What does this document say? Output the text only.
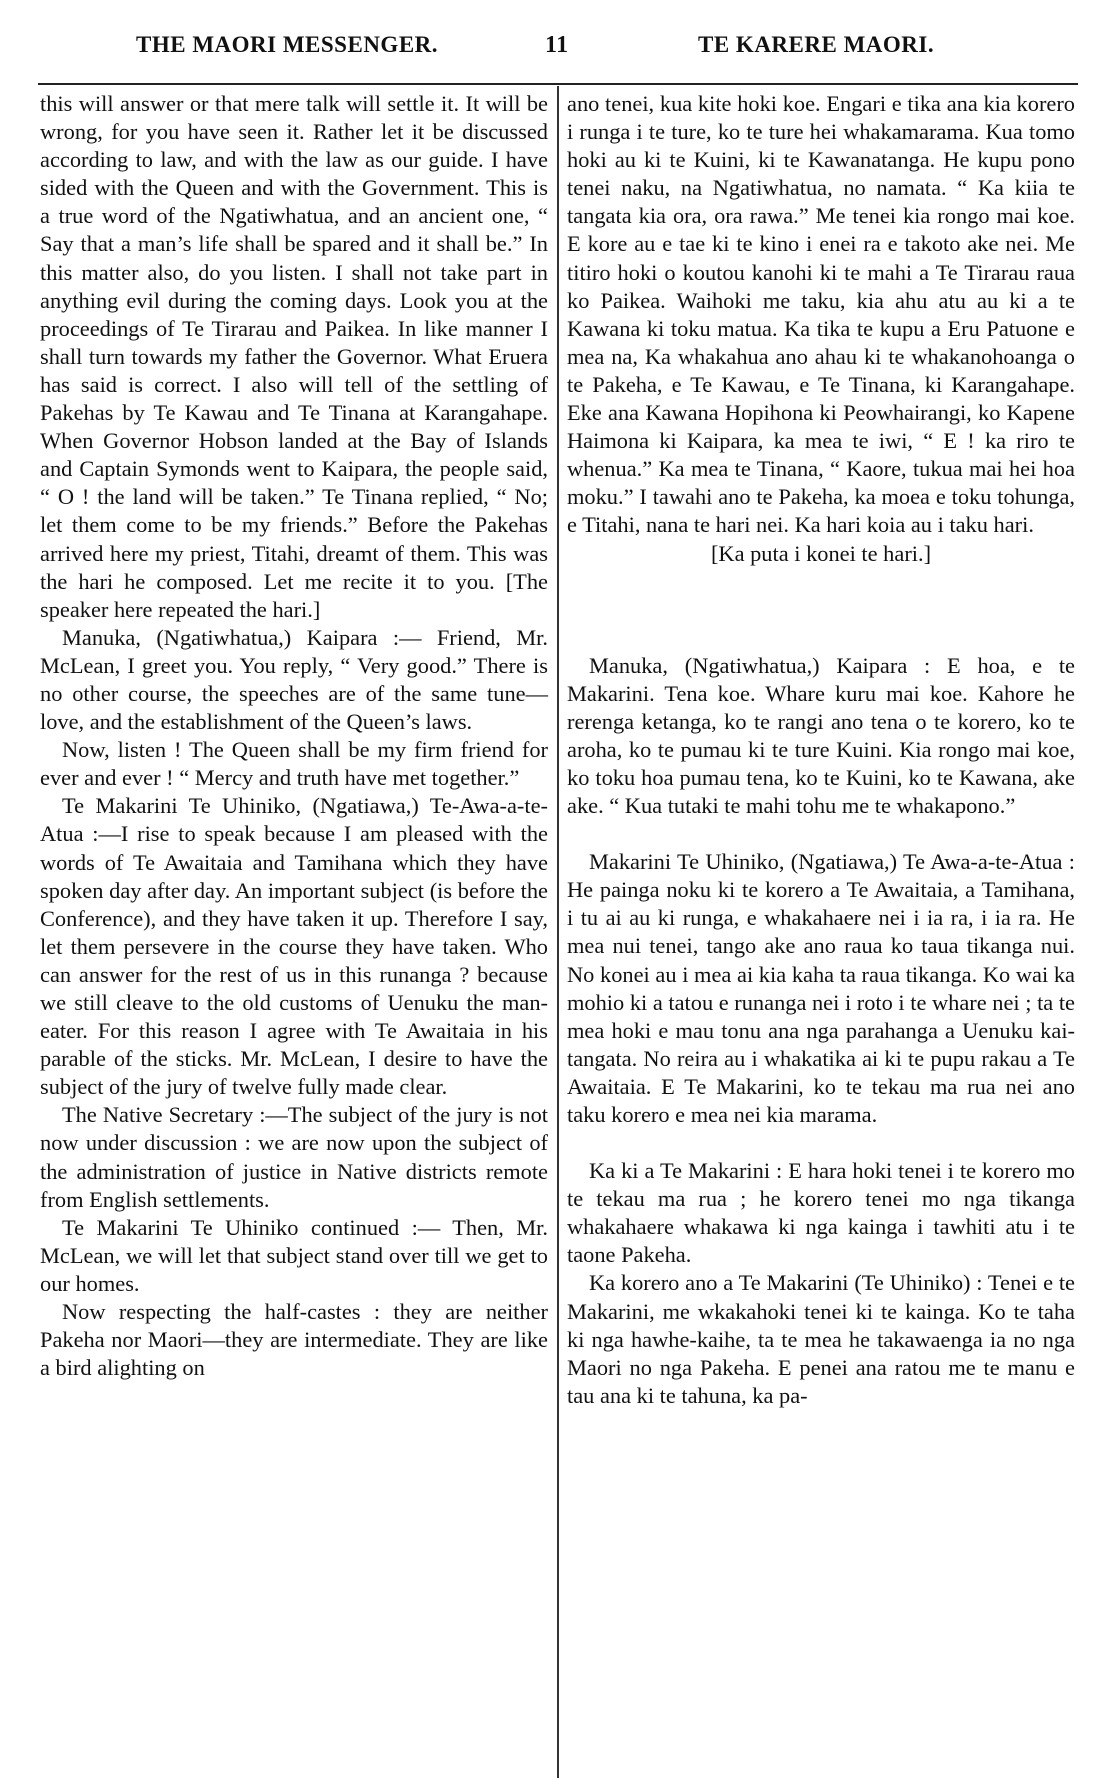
THE MAORI MESSENGER.	11	TE KARERE MAORI.

this will answer or that mere talk will settle it. It will be wrong, for you have seen it. Rather let it be discussed according to law, and with the law as our guide. I have sided with the Queen and with the Government. This is a true word of the Ngatiwhatua, and an ancient one, “ Say that a man’s life shall be spared and it shall be.” In this matter also, do you listen. I shall not take part in anything evil during the coming days. Look you at the proceedings of Te Tirarau and Paikea. In like manner I shall turn towards my father the Governor. What Eruera has said is correct. I also will tell of the settling of Pakehas by Te Kawau and Te Tinana at Karangahape. When Governor Hobson landed at the Bay of Islands and Captain Symonds went to Kaipara, the people said, “ O ! the land will be taken.” Te Tinana replied, “ No; let them come to be my friends.” Before the Pakehas arrived here my priest, Titahi, dreamt of them. This was the hari he composed. Let me recite it to you. [The speaker here repeated the hari.]

Manuka, (Ngatiwhatua,) Kaipara :— Friend, Mr. McLean, I greet you. You reply, “ Very good.” There is no other course, the speeches are of the same tune—love, and the establishment of the Queen’s laws.

Now, listen ! The Queen shall be my firm friend for ever and ever ! “ Mercy and truth have met together.”

Te Makarini Te Uhiniko, (Ngatiawa,) Te-Awa-a-te-Atua :—I rise to speak because I am pleased with the words of Te Awaitaia and Tamihana which they have spoken day after day. An important subject (is before the Conference), and they have taken it up. Therefore I say, let them persevere in the course they have taken. Who can answer for the rest of us in this runanga ? because we still cleave to the old customs of Uenuku the man-eater. For this reason I agree with Te Awaitaia in his parable of the sticks. Mr. McLean, I desire to have the subject of the jury of twelve fully made clear.

The Native Secretary :—The subject of the jury is not now under discussion : we are now upon the subject of the administration of justice in Native districts remote from English settlements.

Te Makarini Te Uhiniko continued :— Then, Mr. McLean, we will let that subject stand over till we get to our homes.

Now respecting the half-castes : they are neither Pakeha nor Maori—they are intermediate. They are like a bird alighting on

ano tenei, kua kite hoki koe. Engari e tika ana kia korero i runga i te ture, ko te ture hei whakamarama. Kua tomo hoki au ki te Kuini, ki te Kawanatanga. He kupu pono tenei naku, na Ngatiwhatua, no namata. “ Ka kiia te tangata kia ora, ora rawa.” Me tenei kia rongo mai koe. E kore au e tae ki te kino i enei ra e takoto ake nei. Me titiro hoki o koutou kanohi ki te mahi a Te Tirarau raua ko Paikea. Waihoki me taku, kia ahu atu au ki a te Kawana ki toku matua. Ka tika te kupu a Eru Patuone e mea na, Ka whakahua ano ahau ki te whakanohoanga o te Pakeha, e Te Kawau, e Te Tinana, ki Karangahape. Eke ana Kawana Hopihona ki Peowhairangi, ko Kapene Haimona ki Kaipara, ka mea te iwi, “ E ! ka riro te whenua.” Ka mea te Tinana, “ Kaore, tukua mai hei hoa moku.” I tawahi ano te Pakeha, ka moea e toku tohunga, e Titahi, nana te hari nei. Ka hari koia au i taku hari.

[Ka puta i konei te hari.]

Manuka, (Ngatiwhatua,) Kaipara : E hoa, e te Makarini. Tena koe. Whare kuru mai koe. Kahore he rerenga ketanga, ko te rangi ano tena o te korero, ko te aroha, ko te pumau ki te ture Kuini. Kia rongo mai koe, ko toku hoa pumau tena, ko te Kuini, ko te Kawana, ake ake. “ Kua tutaki te mahi tohu me te whakapono.”

Makarini Te Uhiniko, (Ngatiawa,) Te Awa-a-te-Atua : He painga noku ki te korero a Te Awaitaia, a Tamihana, i tu ai au ki runga, e whakahaere nei i ia ra, i ia ra. He mea nui tenei, tango ake ano raua ko taua tikanga nui. No konei au i mea ai kia kaha ta raua tikanga. Ko wai ka mohio ki a tatou e runanga nei i roto i te whare nei ; ta te mea hoki e mau tonu ana nga parahanga a Uenuku kai-tangata. No reira au i whakatika ai ki te pupu rakau a Te Awaitaia. E Te Makarini, ko te tekau ma rua nei ano taku korero e mea nei kia marama.

Ka ki a Te Makarini : E hara hoki tenei i te korero mo te tekau ma rua ; he korero tenei mo nga tikanga whakahaere whakawa ki nga kainga i tawhiti atu i te taone Pakeha.

Ka korero ano a Te Makarini (Te Uhiniko) : Tenei e te Makarini, me wkakahoki tenei ki te kainga. Ko te taha ki nga hawhe-kaihe, ta te mea he takawaenga ia no nga Maori no nga Pakeha. E penei ana ratou me te manu e tau ana ki te tahuna, ka pa-
